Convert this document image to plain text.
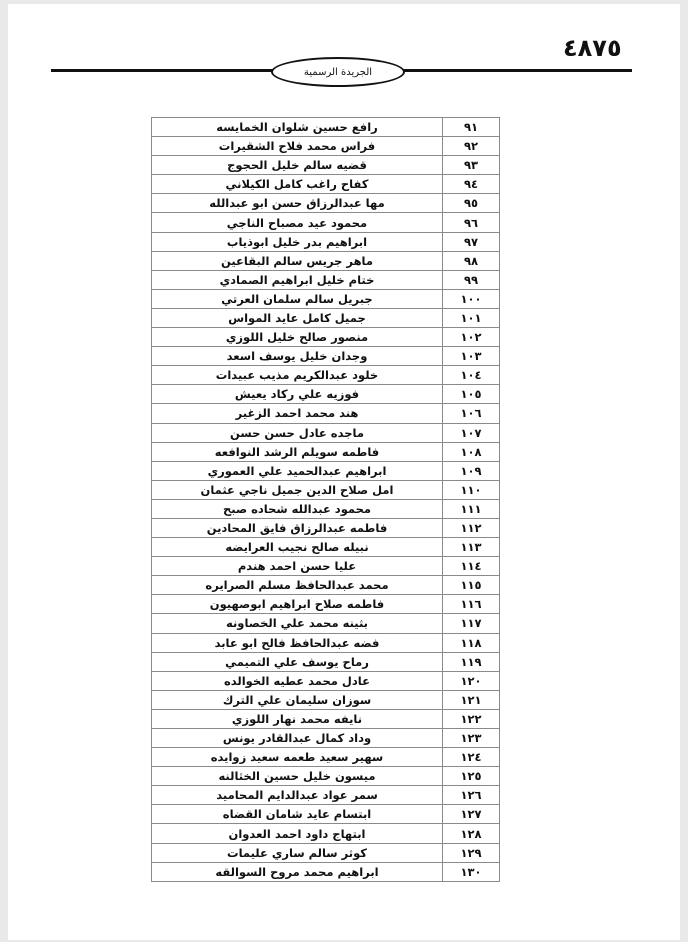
٤٨٧٥
الجريدة الرسمية
٩١	رافع حسين شلوان الخمايسه
٩٢	فراس محمد فلاح الشقيرات
٩٣	قضيه سالم خليل الحجوج
٩٤	كفاح راغب كامل الكيلاني
٩٥	مها عبدالرزاق حسن ابو عبدالله
٩٦	محمود عيد مصباح الناجي
٩٧	ابراهيم بدر خليل ابوذياب
٩٨	ماهر جريس سالم البقاعين
٩٩	ختام خليل ابراهيم الصمادي
١٠٠	جبريل سالم سلمان العرتي
١٠١	جميل كامل عايد المواس
١٠٢	منصور صالح خليل اللوزي
١٠٣	وجدان خليل يوسف اسعد
١٠٤	خلود عبدالكريم مذيب عبيدات
١٠٥	فوزيه علي ركاد يعيش
١٠٦	هند محمد احمد الزغير
١٠٧	ماجده عادل حسن حسن
١٠٨	فاطمه سويلم الرشد النوافعه
١٠٩	ابراهيم عبدالحميد علي العموري
١١٠	امل صلاح الدين جميل ناجي عثمان
١١١	محمود عبدالله شحاده صبح
١١٢	فاطمه عبدالرزاق فايق المحادين
١١٣	نبيله صالح نجيب العرايضه
١١٤	عليا حسن احمد هندم
١١٥	محمد عبدالحافظ مسلم الصرايره
١١٦	فاطمه صلاح ابراهيم ابوصهيون
١١٧	بثينه محمد علي الخصاونه
١١٨	فضه عبدالحافظ فالح ابو عابد
١١٩	رماح يوسف علي التميمي
١٢٠	عادل محمد عطيه الخوالده
١٢١	سوزان سليمان علي الترك
١٢٢	نايفه محمد نهار اللوزي
١٢٣	وداد كمال عبدالقادر يونس
١٢٤	سهير سعيد طعمه سعيد زوايده
١٢٥	ميسون خليل حسين الخثالنه
١٢٦	سمر عواد عبدالدايم المحاميد
١٢٧	ابتسام عايد شامان القضاه
١٢٨	ابتهاج داود احمد العدوان
١٢٩	كوثر سالم ساري عليمات
١٣٠	ابراهيم محمد مروح السوالقه
